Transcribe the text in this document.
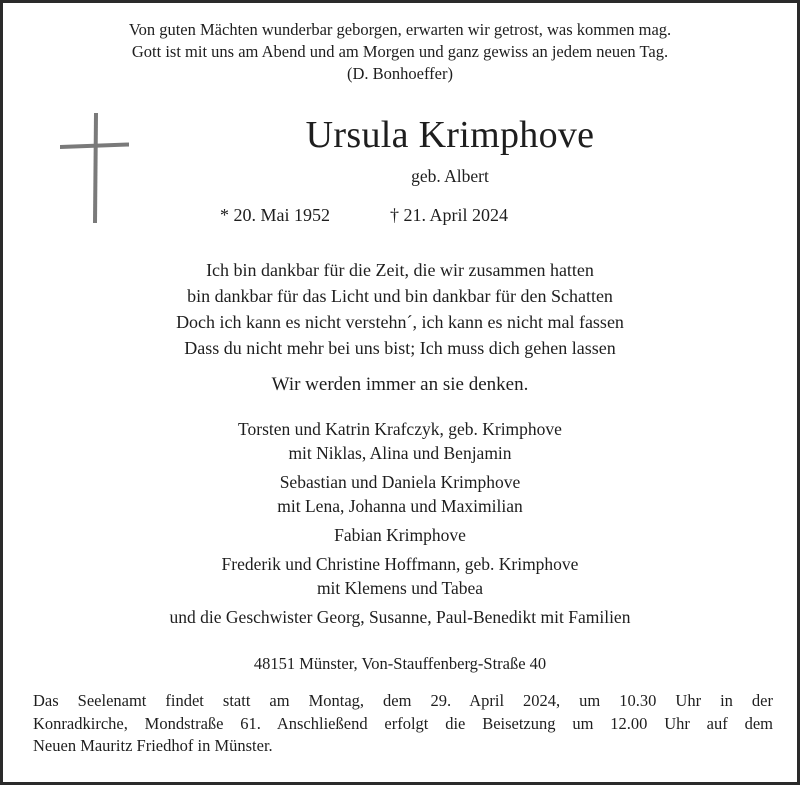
Von guten Mächten wunderbar geborgen, erwarten wir getrost, was kommen mag.
Gott ist mit uns am Abend und am Morgen und ganz gewiss an jedem neuen Tag.
(D. Bonhoeffer)
Ursula Krimphove
geb. Albert
* 20. Mai 1952	† 21. April 2024
Ich bin dankbar für die Zeit, die wir zusammen hatten
bin dankbar für das Licht und bin dankbar für den Schatten
Doch ich kann es nicht verstehn´, ich kann es nicht mal fassen
Dass du nicht mehr bei uns bist; Ich muss dich gehen lassen
Wir werden immer an sie denken.
Torsten und Katrin Krafczyk, geb. Krimphove
mit Niklas, Alina und Benjamin
Sebastian und Daniela Krimphove
mit Lena, Johanna und Maximilian
Fabian Krimphove
Frederik und Christine Hoffmann, geb. Krimphove
mit Klemens und Tabea
und die Geschwister Georg, Susanne, Paul-Benedikt mit Familien
48151 Münster, Von-Stauffenberg-Straße 40
Das Seelenamt findet statt am Montag, dem 29. April 2024, um 10.30 Uhr in der
Konradkirche, Mondstraße 61. Anschließend erfolgt die Beisetzung um 12.00 Uhr auf dem
Neuen Mauritz Friedhof in Münster.
